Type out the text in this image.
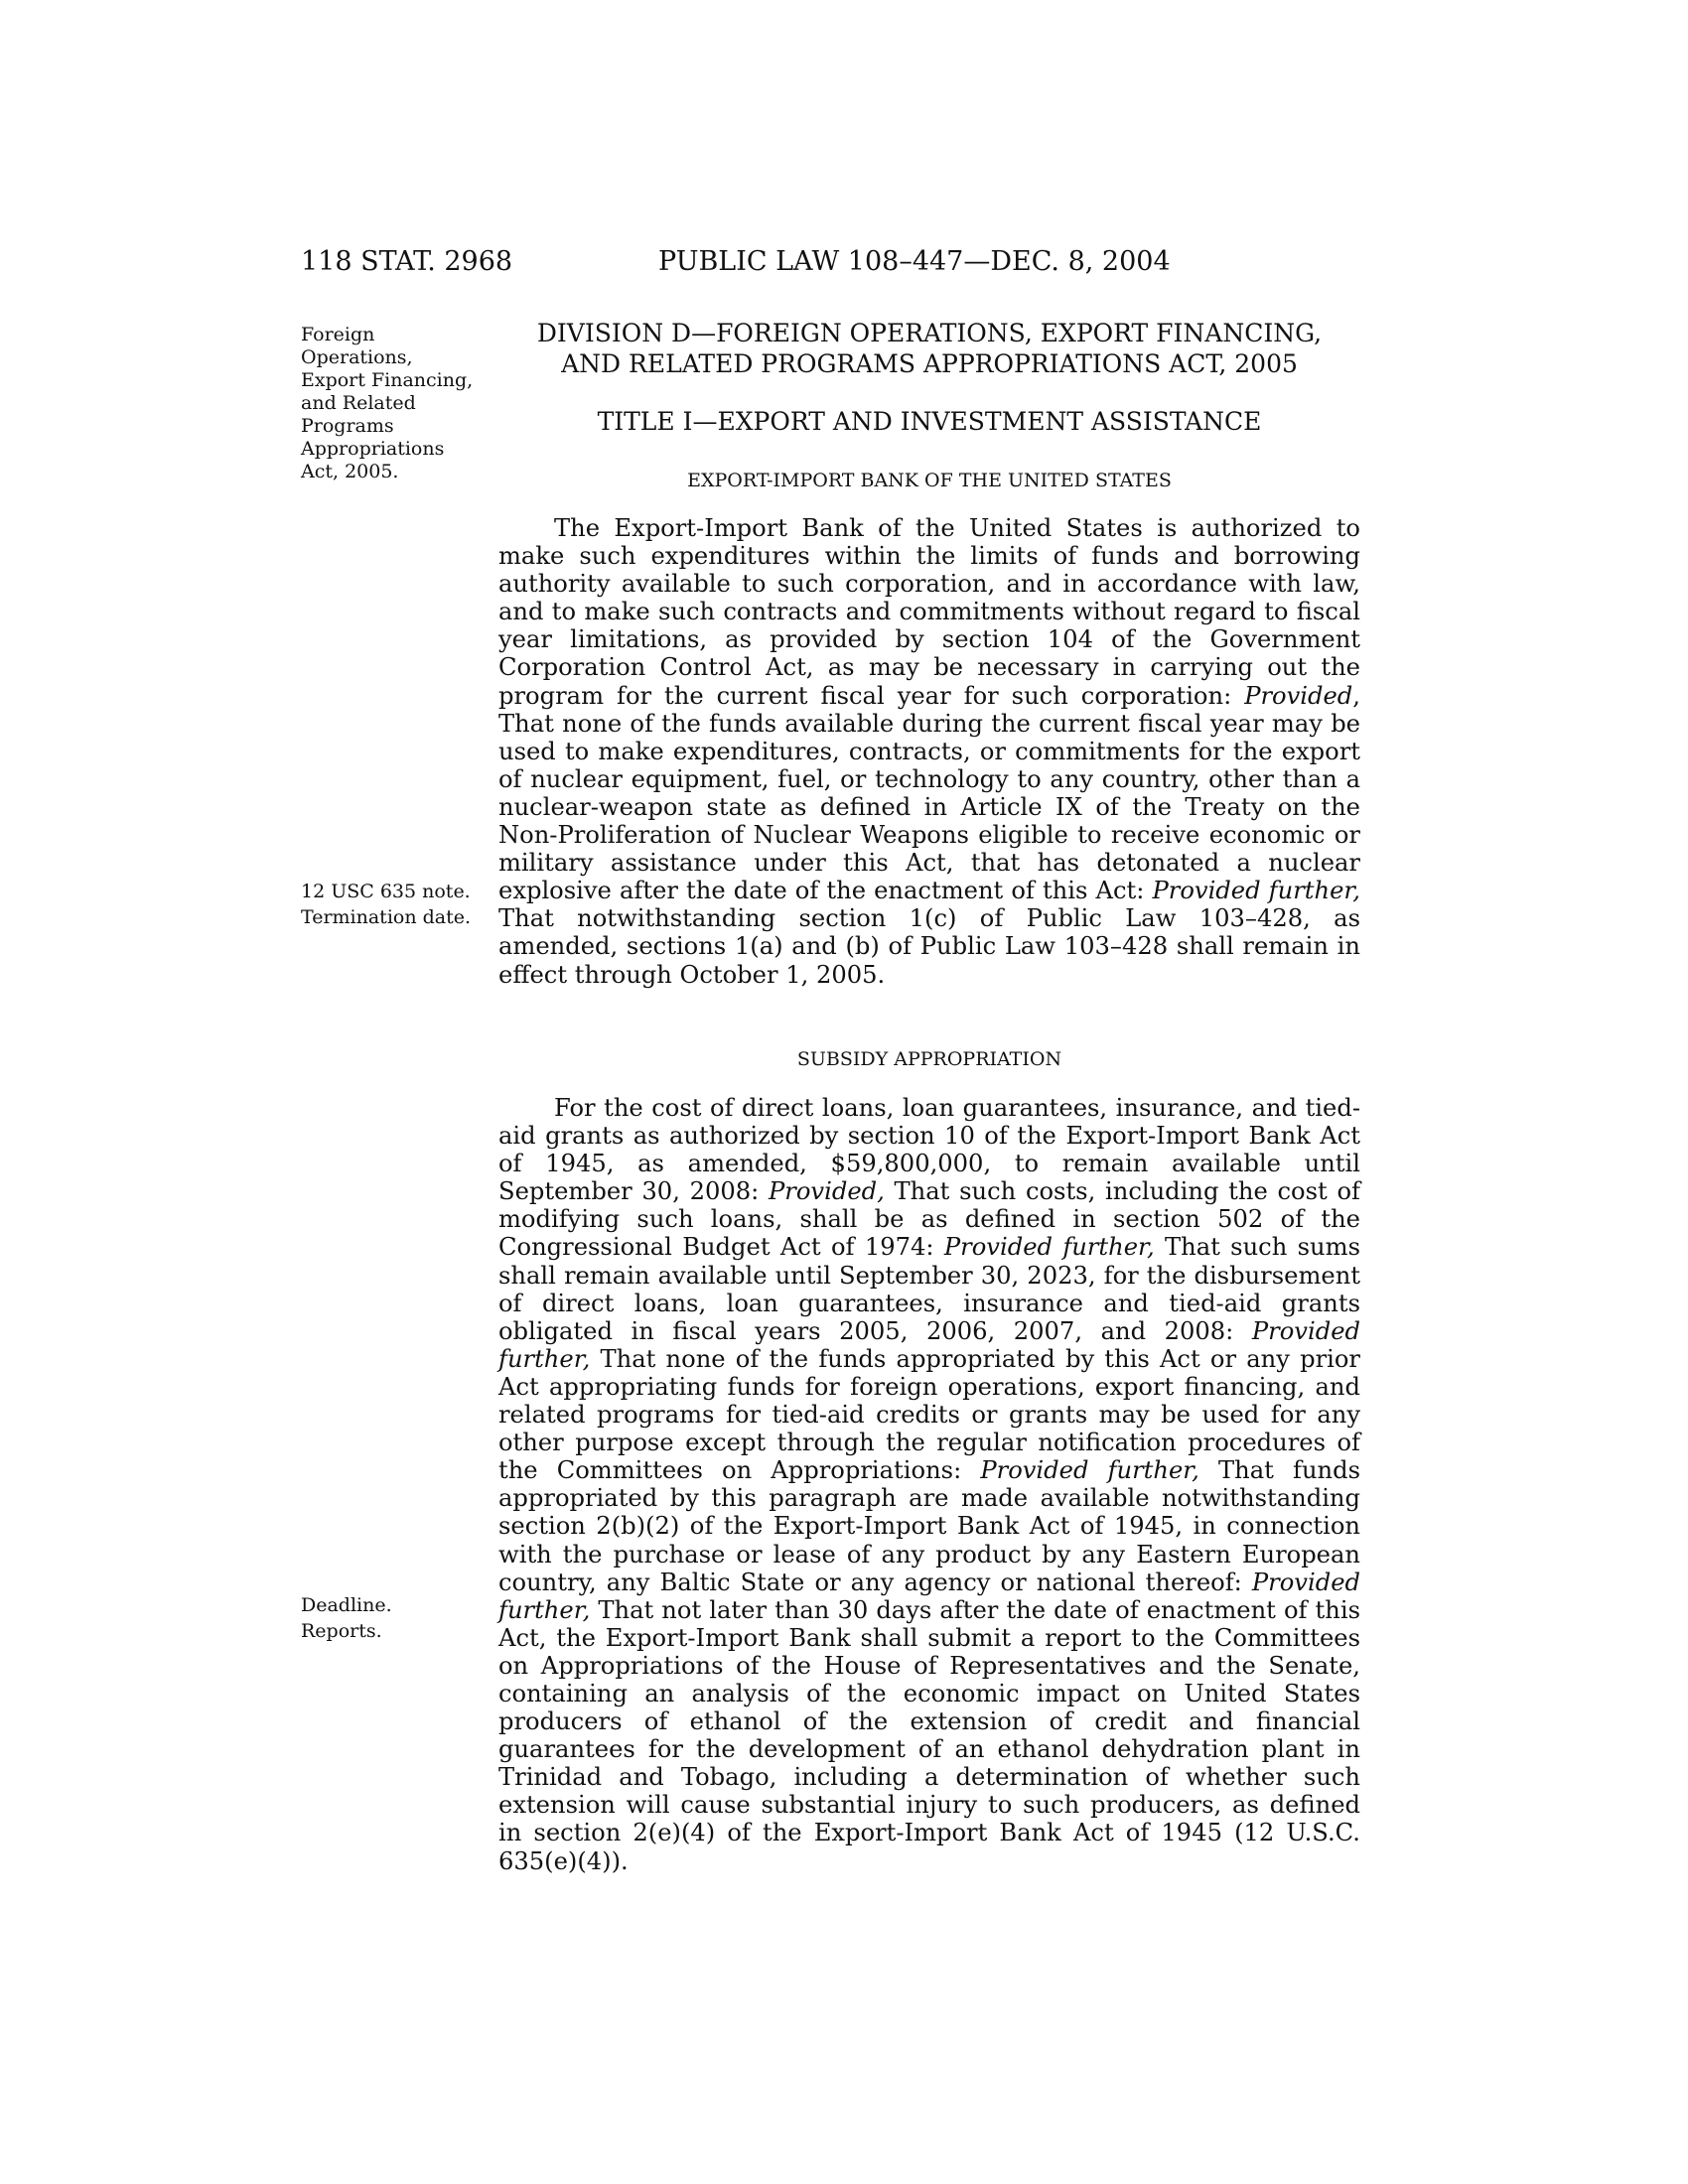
118 STAT. 2968	PUBLIC LAW 108–447—DEC. 8, 2004
Foreign Operations, Export Financing, and Related Programs Appropriations Act, 2005.
12 USC 635 note.
Termination date.
Deadline.
Reports.
DIVISION D—FOREIGN OPERATIONS, EXPORT FINANCING,
AND RELATED PROGRAMS APPROPRIATIONS ACT, 2005
TITLE I—EXPORT AND INVESTMENT ASSISTANCE
EXPORT-IMPORT BANK OF THE UNITED STATES

The Export-Import Bank of the United States is authorized to make such expenditures within the limits of funds and borrowing authority available to such corporation, and in accordance with law, and to make such contracts and commitments without regard to fiscal year limitations, as provided by section 104 of the Government Corporation Control Act, as may be necessary in carrying out the program for the current fiscal year for such corporation: Provided, That none of the funds available during the current fiscal year may be used to make expenditures, contracts, or commitments for the export of nuclear equipment, fuel, or technology to any country, other than a nuclear-weapon state as defined in Article IX of the Treaty on the Non-Proliferation of Nuclear Weapons eligible to receive economic or military assistance under this Act, that has detonated a nuclear explosive after the date of the enactment of this Act: Provided further, That notwithstanding section 1(c) of Public Law 103–428, as amended, sections 1(a) and (b) of Public Law 103–428 shall remain in effect through October 1, 2005.

SUBSIDY APPROPRIATION

For the cost of direct loans, loan guarantees, insurance, and tied-aid grants as authorized by section 10 of the Export-Import Bank Act of 1945, as amended, $59,800,000, to remain available until September 30, 2008: Provided, That such costs, including the cost of modifying such loans, shall be as defined in section 502 of the Congressional Budget Act of 1974: Provided further, That such sums shall remain available until September 30, 2023, for the disbursement of direct loans, loan guarantees, insurance and tied-aid grants obligated in fiscal years 2005, 2006, 2007, and 2008: Provided further, That none of the funds appropriated by this Act or any prior Act appropriating funds for foreign operations, export financing, and related programs for tied-aid credits or grants may be used for any other purpose except through the regular notification procedures of the Committees on Appropriations: Provided further, That funds appropriated by this paragraph are made available notwithstanding section 2(b)(2) of the Export-Import Bank Act of 1945, in connection with the purchase or lease of any product by any Eastern European country, any Baltic State or any agency or national thereof: Provided further, That not later than 30 days after the date of enactment of this Act, the Export-Import Bank shall submit a report to the Committees on Appropriations of the House of Representatives and the Senate, containing an analysis of the economic impact on United States producers of ethanol of the extension of credit and financial guarantees for the development of an ethanol dehydration plant in Trinidad and Tobago, including a determination of whether such extension will cause substantial injury to such producers, as defined in section 2(e)(4) of the Export-Import Bank Act of 1945 (12 U.S.C. 635(e)(4)).
